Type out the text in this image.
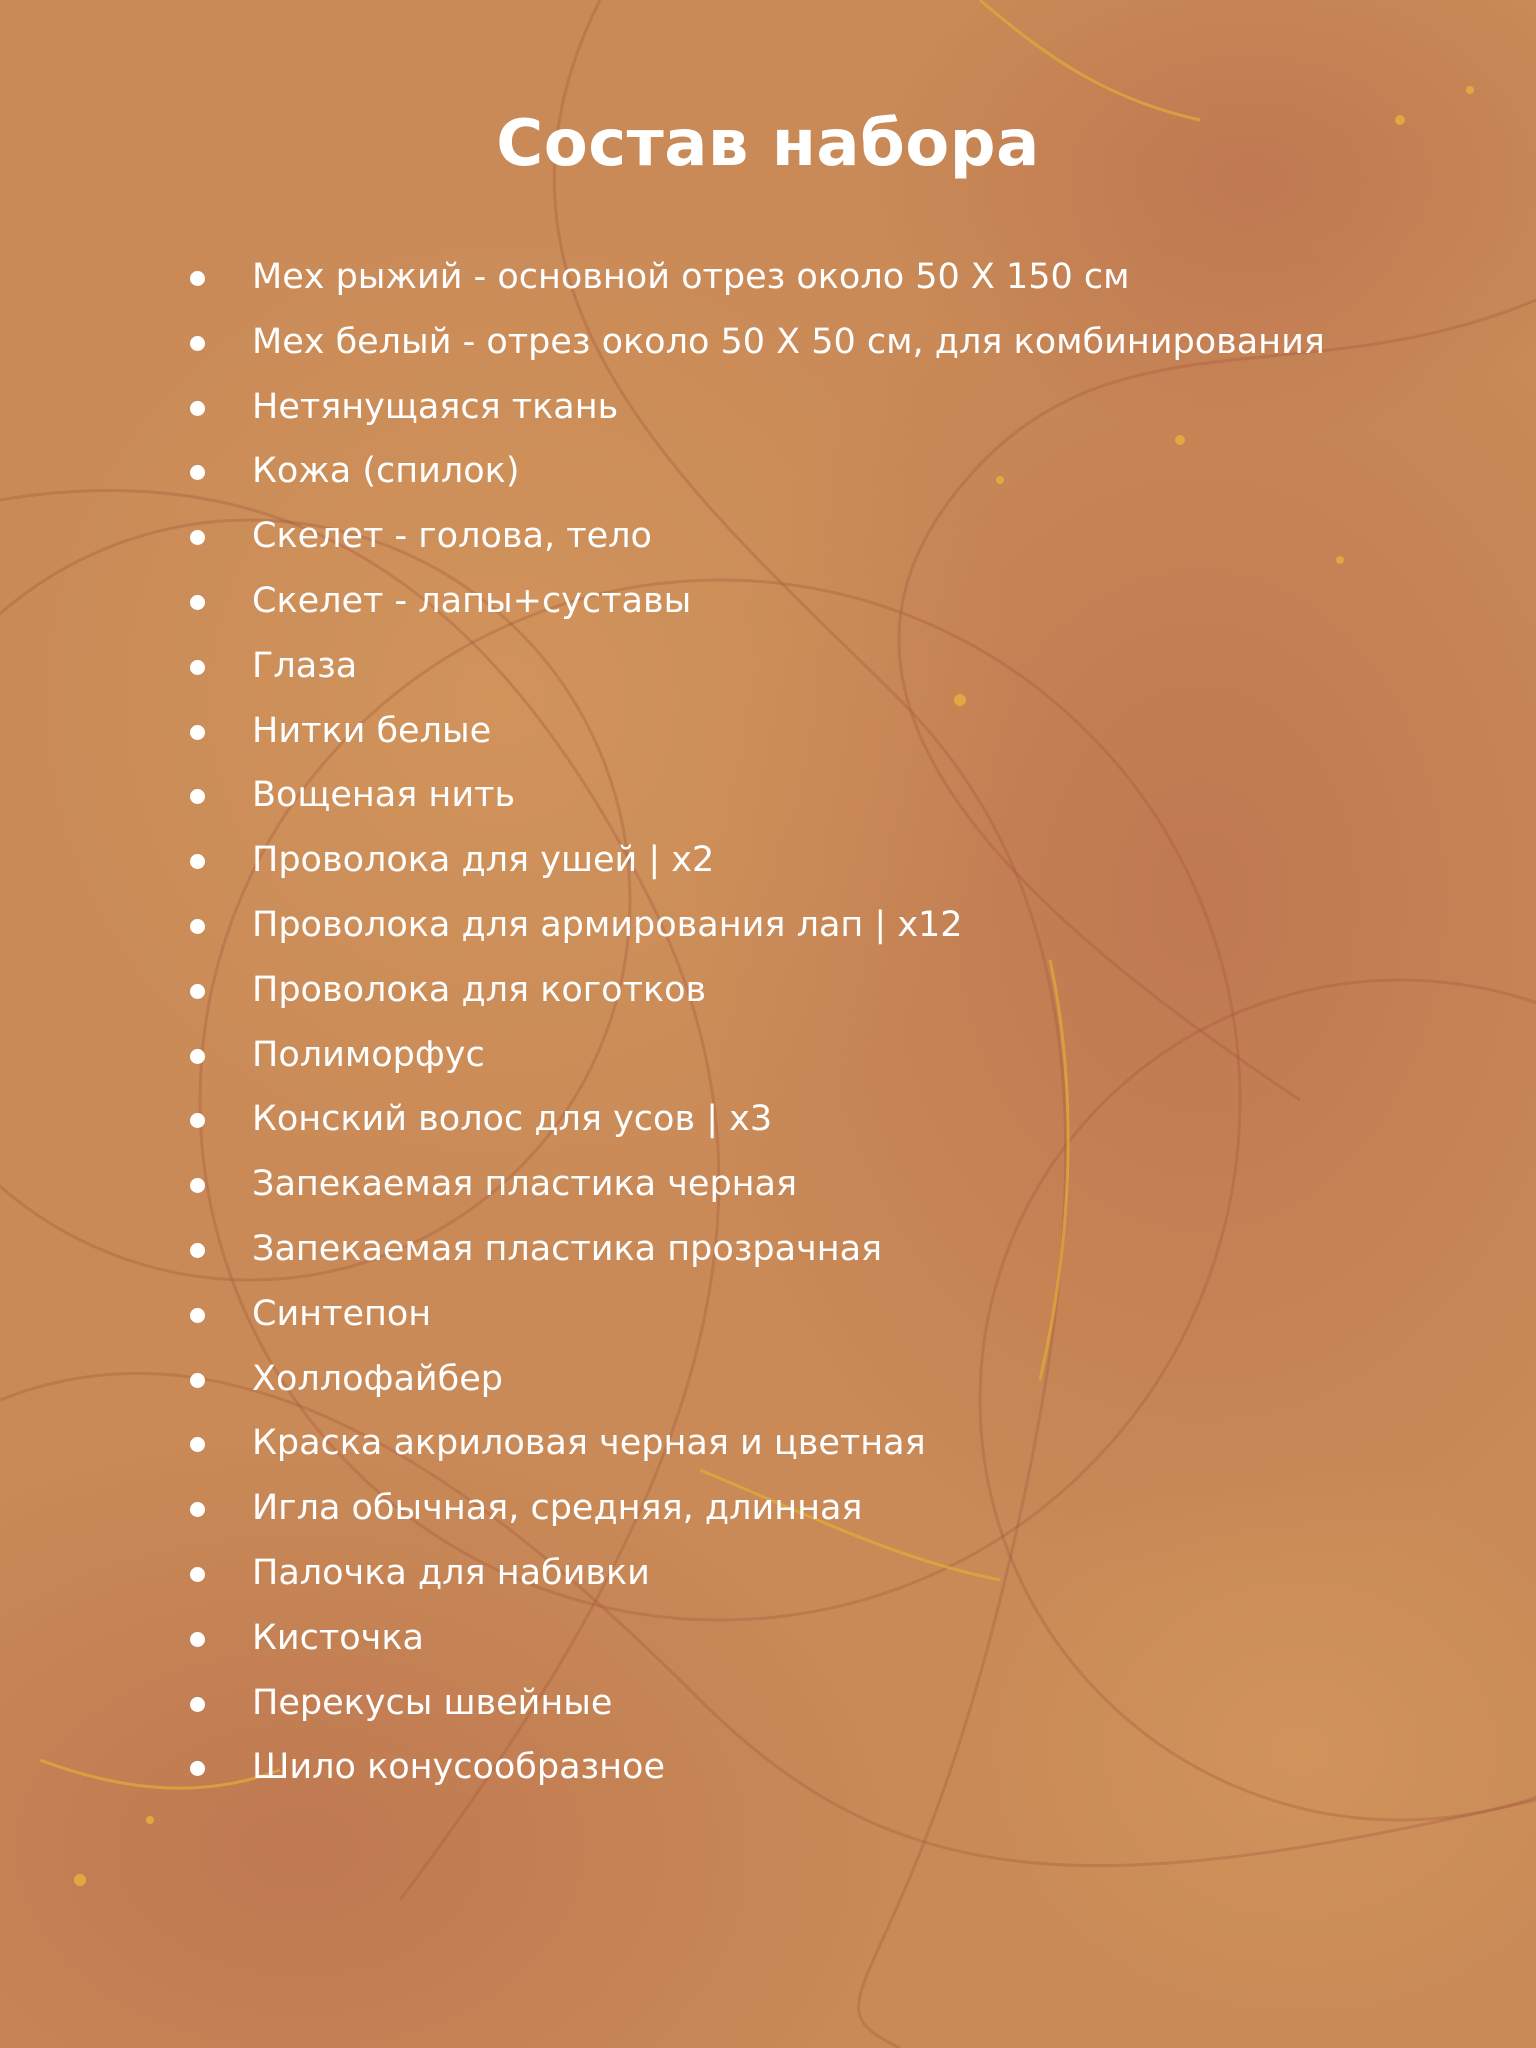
Состав набора
Мех рыжий - основной отрез около 50 Х 150 см
Мех белый - отрез около 50 Х 50 см, для комбинирования
Нетянущаяся ткань
Кожа (спилок)
Скелет - голова, тело
Скелет - лапы+суставы
Глаза
Нитки белые
Вощеная нить
Проволока для ушей | х2
Проволока для армирования лап | х12
Проволока для коготков
Полиморфус
Конский волос для усов | х3
Запекаемая пластика черная
Запекаемая пластика прозрачная
Синтепон
Холлофайбер
Краска акриловая черная и цветная
Игла обычная, средняя, длинная
Палочка для набивки
Кисточка
Перекусы швейные
Шило конусообразное
